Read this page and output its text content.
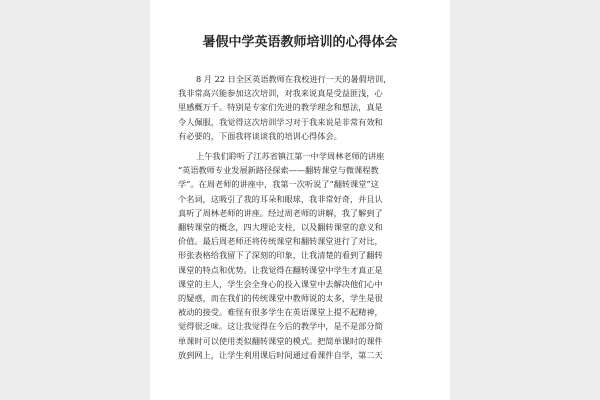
暑假中学英语教师培训的心得体会
8 月 22 日全区英语教师在我校进行一天的暑假培训，
我非常高兴能参加这次培训，对我来说真是受益匪浅，心
里感概万千。特别是专家们先进的教学理念和想法，真是
令人佩服，我觉得这次培训学习对于我来说是非常有效和
有必要的，下面我将谈谈我的培训心得体会。
上午我们聆听了江苏省镇江第一中学周林老师的讲座
“英语教师专业发展新路径探索——翻转课堂与微课程教
学”。在周老师的讲座中，我第一次听说了“翻转课堂”这
个名词，这吸引了我的耳朵和眼球，我非常好奇，并且认
真听了周林老师的讲座。经过周老师的讲解，我了解到了
翻转课堂的概念，四大理论支柱，以及翻转课堂的意义和
价值。最后周老师还将传统课堂和翻转课堂进行了对比，
形张表格给我留下了深刻的印象，让我清楚的看到了翻转
课堂的特点和优势。让我觉得在翻转课堂中学生才真正是
课堂的主人，学生会全身心的投入课堂中去解决他们心中
的疑惑，而在我们的传统课堂中教师说的太多，学生是很
被动的接受。难怪有很多学生在英语课堂上提不起精神，
觉得很乏味。这让我觉得在今后的教学中，是不是部分简
单课时可以使用类似翻转课堂的模式。把简单课时的课件
放到网上，让学生利用课后时间通过看课件自学，第二天
